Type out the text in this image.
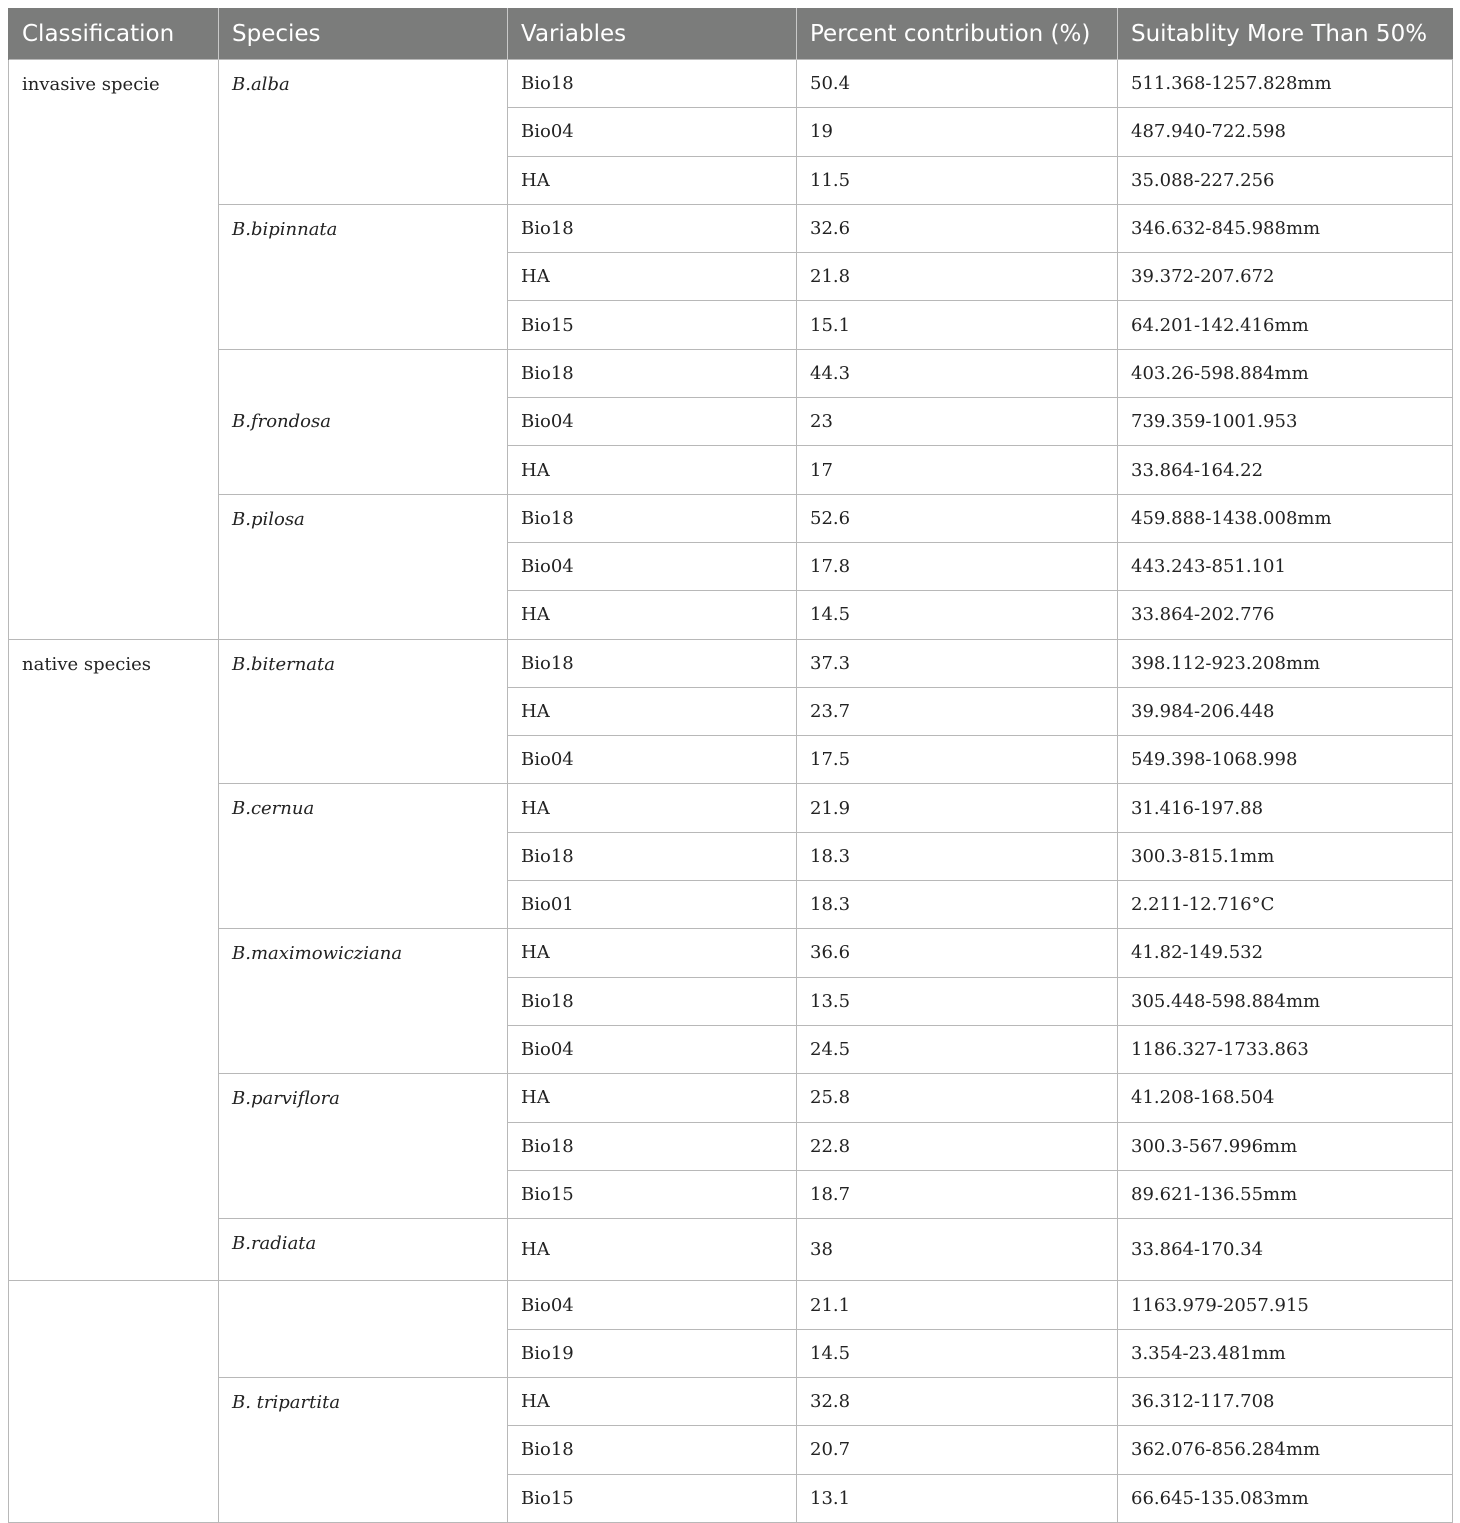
Classification	Species	Variables	Percent contribution (%)	Suitablity More Than 50%
invasive specie	B.alba	Bio18	50.4	511.368-1257.828mm
		Bio04	19	487.940-722.598
		HA	11.5	35.088-227.256
	B.bipinnata	Bio18	32.6	346.632-845.988mm
		HA	21.8	39.372-207.672
		Bio15	15.1	64.201-142.416mm
	B.frondosa	Bio18	44.3	403.26-598.884mm
		Bio04	23	739.359-1001.953
		HA	17	33.864-164.22
	B.pilosa	Bio18	52.6	459.888-1438.008mm
		Bio04	17.8	443.243-851.101
		HA	14.5	33.864-202.776
native species	B.biternata	Bio18	37.3	398.112-923.208mm
		HA	23.7	39.984-206.448
		Bio04	17.5	549.398-1068.998
	B.cernua	HA	21.9	31.416-197.88
		Bio18	18.3	300.3-815.1mm
		Bio01	18.3	2.211-12.716°C
	B.maximowicziana	HA	36.6	41.82-149.532
		Bio18	13.5	305.448-598.884mm
		Bio04	24.5	1186.327-1733.863
	B.parviflora	HA	25.8	41.208-168.504
		Bio18	22.8	300.3-567.996mm
		Bio15	18.7	89.621-136.55mm
	B.radiata	HA	38	33.864-170.34
		Bio04	21.1	1163.979-2057.915
		Bio19	14.5	3.354-23.481mm
	B. tripartita	HA	32.8	36.312-117.708
		Bio18	20.7	362.076-856.284mm
		Bio15	13.1	66.645-135.083mm
